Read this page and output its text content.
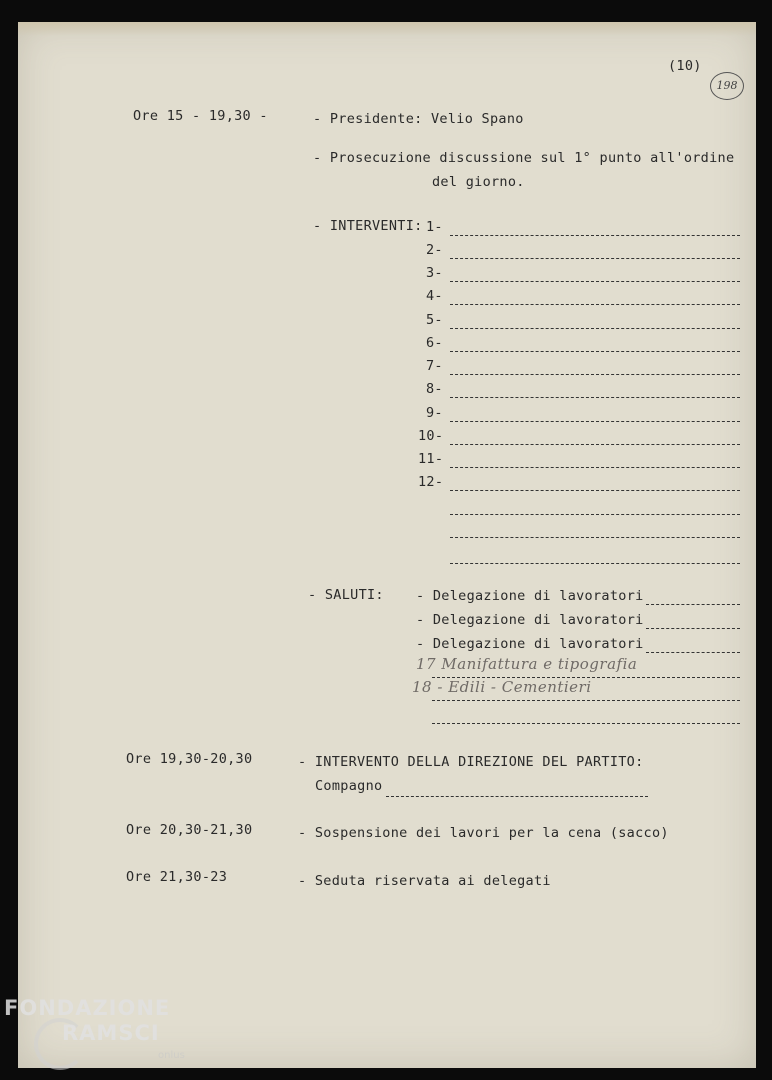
(10)
198
Ore 15 - 19,30 -	- Presidente: Velio Spano
- Prosecuzione discussione sul 1° punto all'ordine
del giorno.
- INTERVENTI: 1-
2-
3-
4-
5-
6-
7-
8-
9-
10-
11-
12-
- SALUTI: - Delegazione di lavoratori
- Delegazione di lavoratori
- Delegazione di lavoratori
17 Manifattura e tipografia
18 - Edili - Cementieri
Ore 19,30-20,30	- INTERVENTO DELLA DIREZIONE DEL PARTITO:
Compagno
Ore 20,30-21,30	- Sospensione dei lavori per la cena (sacco)
Ore 21,30-23	- Seduta riservata ai delegati
FONDAZIONE
RAMSCI
onlus
